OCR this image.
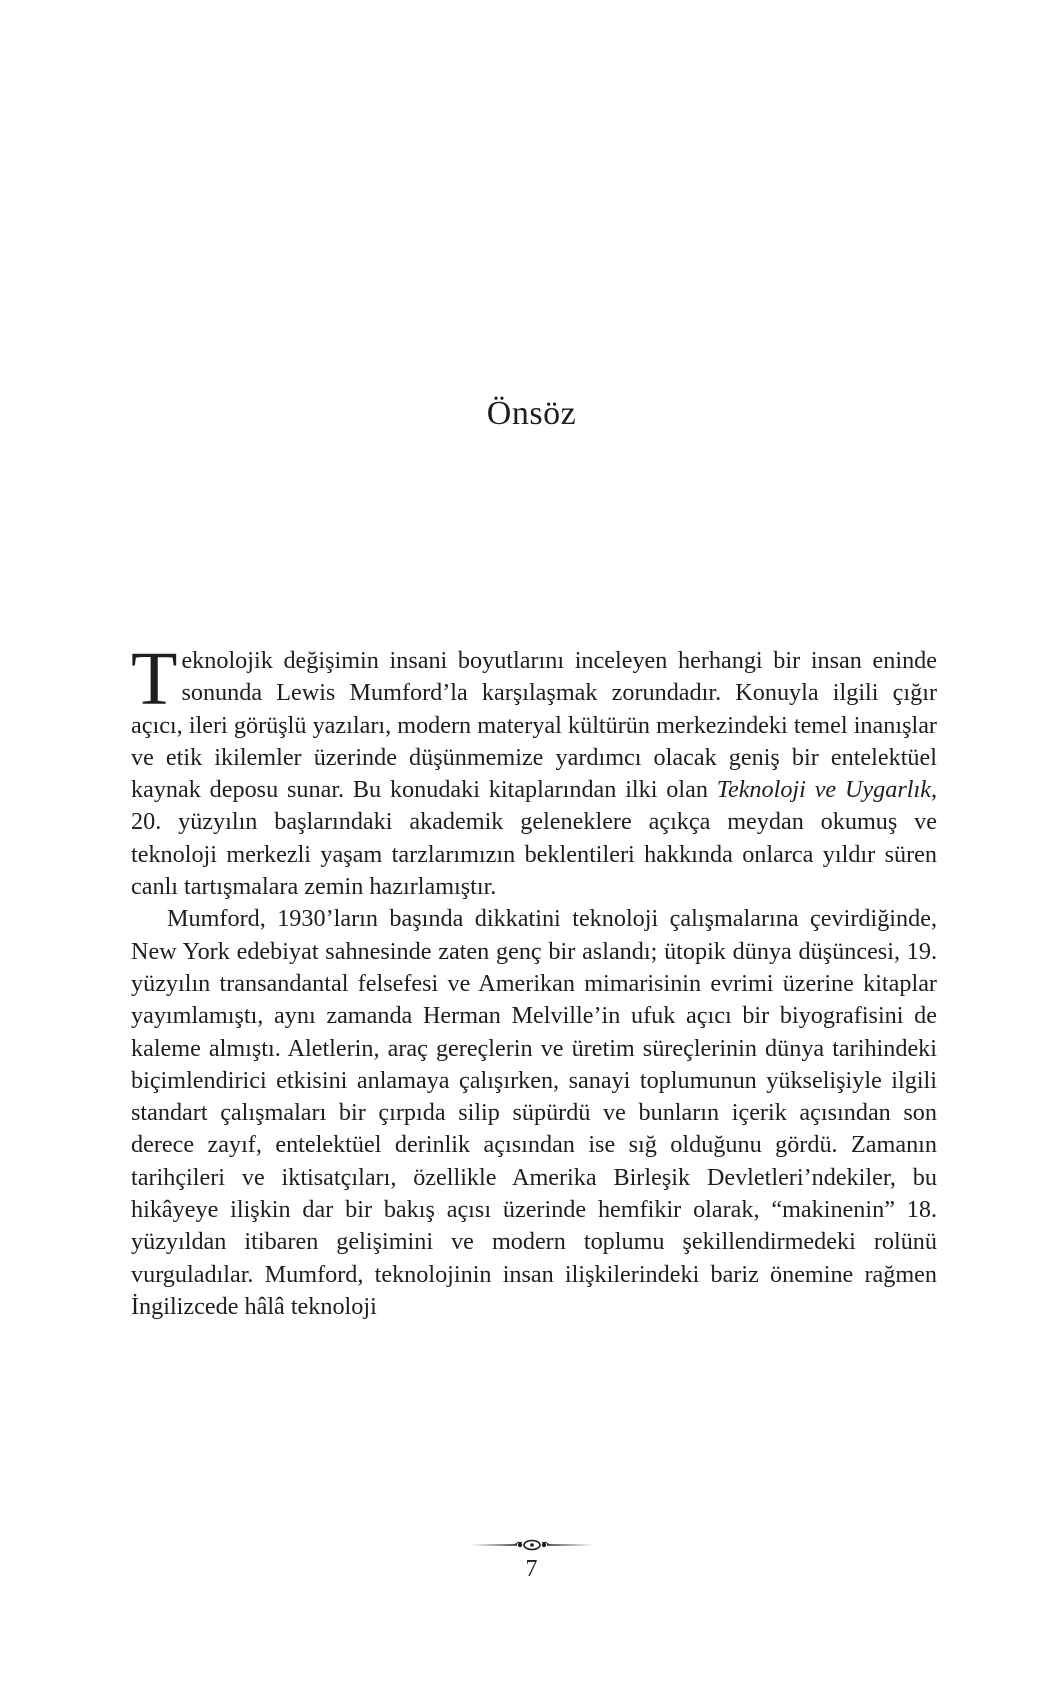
Önsöz

Teknolojik değişimin insani boyutlarını inceleyen herhangi bir insan eninde sonunda Lewis Mumford’la karşılaşmak zorundadır. Konuyla ilgili çığır açıcı, ileri görüşlü yazıları, modern materyal kültürün merkezindeki temel inanışlar ve etik ikilemler üzerinde düşünmemize yardımcı olacak geniş bir entelektüel kaynak deposu sunar. Bu konudaki kitaplarından ilki olan Teknoloji ve Uygarlık, 20. yüzyılın başlarındaki akademik geleneklere açıkça meydan okumuş ve teknoloji merkezli yaşam tarzlarımızın beklentileri hakkında onlarca yıldır süren canlı tartışmalara zemin hazırlamıştır.

Mumford, 1930’ların başında dikkatini teknoloji çalışmalarına çevirdiğinde, New York edebiyat sahnesinde zaten genç bir aslandı; ütopik dünya düşüncesi, 19. yüzyılın transandantal felsefesi ve Amerikan mimarisinin evrimi üzerine kitaplar yayımlamıştı, aynı zamanda Herman Melville’in ufuk açıcı bir biyografisini de kaleme almıştı. Aletlerin, araç gereçlerin ve üretim süreçlerinin dünya tarihindeki biçimlendirici etkisini anlamaya çalışırken, sanayi toplumunun yükselişiyle ilgili standart çalışmaları bir çırpıda silip süpürdü ve bunların içerik açısından son derece zayıf, entelektüel derinlik açısından ise sığ olduğunu gördü. Zamanın tarihçileri ve iktisatçıları, özellikle Amerika Birleşik Devletleri’ndekiler, bu hikâyeye ilişkin dar bir bakış açısı üzerinde hemfikir olarak, “makinenin” 18. yüzyıldan itibaren gelişimini ve modern toplumu şekillendirmedeki rolünü vurguladılar. Mumford, teknolojinin insan ilişkilerindeki bariz önemine rağmen İngilizcede hâlâ teknoloji

7
